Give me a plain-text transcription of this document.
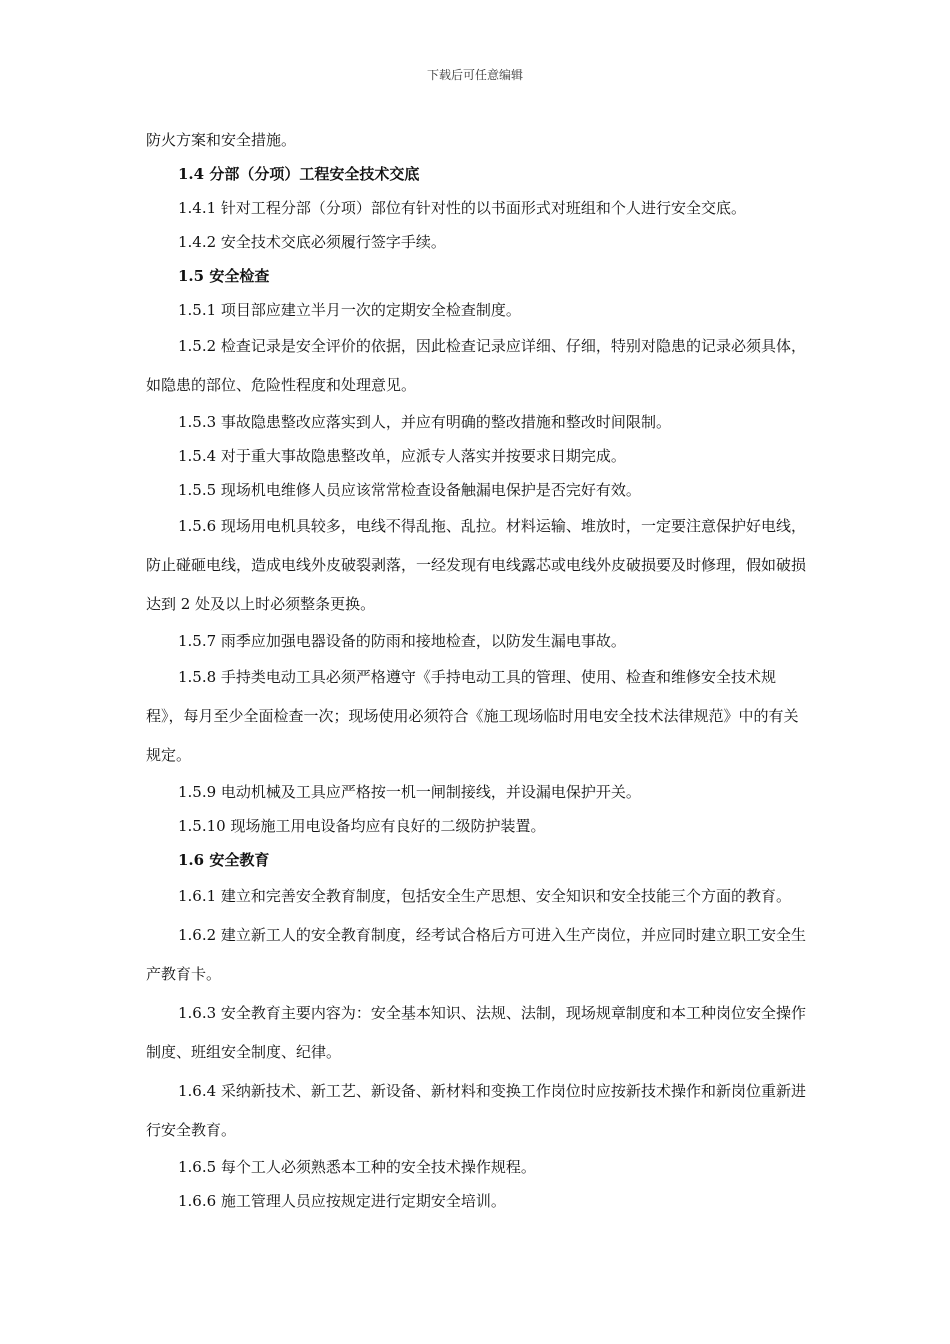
下载后可任意编辑

防火方案和安全措施。

1.4 分部（分项）工程安全技术交底

1.4.1 针对工程分部（分项）部位有针对性的以书面形式对班组和个人进行安全交底。

1.4.2 安全技术交底必须履行签字手续。

1.5 安全检查

1.5.1 项目部应建立半月一次的定期安全检查制度。

1.5.2 检查记录是安全评价的依据，因此检查记录应详细、仔细，特别对隐患的记录必须具体，如隐患的部位、危险性程度和处理意见。

1.5.3 事故隐患整改应落实到人，并应有明确的整改措施和整改时间限制。

1.5.4 对于重大事故隐患整改单，应派专人落实并按要求日期完成。

1.5.5 现场机电维修人员应该常常检查设备触漏电保护是否完好有效。

1.5.6 现场用电机具较多，电线不得乱拖、乱拉。材料运输、堆放时，一定要注意保护好电线，防止碰砸电线，造成电线外皮破裂剥落，一经发现有电线露芯或电线外皮破损要及时修理，假如破损达到 2 处及以上时必须整条更换。

1.5.7 雨季应加强电器设备的防雨和接地检查，以防发生漏电事故。

1.5.8 手持类电动工具必须严格遵守《手持电动工具的管理、使用、检查和维修安全技术规程》，每月至少全面检查一次；现场使用必须符合《施工现场临时用电安全技术法律规范》中的有关规定。

1.5.9 电动机械及工具应严格按一机一闸制接线，并设漏电保护开关。

1.5.10 现场施工用电设备均应有良好的二级防护装置。

1.6 安全教育

1.6.1 建立和完善安全教育制度，包括安全生产思想、安全知识和安全技能三个方面的教育。

1.6.2 建立新工人的安全教育制度，经考试合格后方可进入生产岗位，并应同时建立职工安全生产教育卡。

1.6.3 安全教育主要内容为：安全基本知识、法规、法制，现场规章制度和本工种岗位安全操作制度、班组安全制度、纪律。

1.6.4 采纳新技术、新工艺、新设备、新材料和变换工作岗位时应按新技术操作和新岗位重新进行安全教育。

1.6.5 每个工人必须熟悉本工种的安全技术操作规程。

1.6.6 施工管理人员应按规定进行定期安全培训。
